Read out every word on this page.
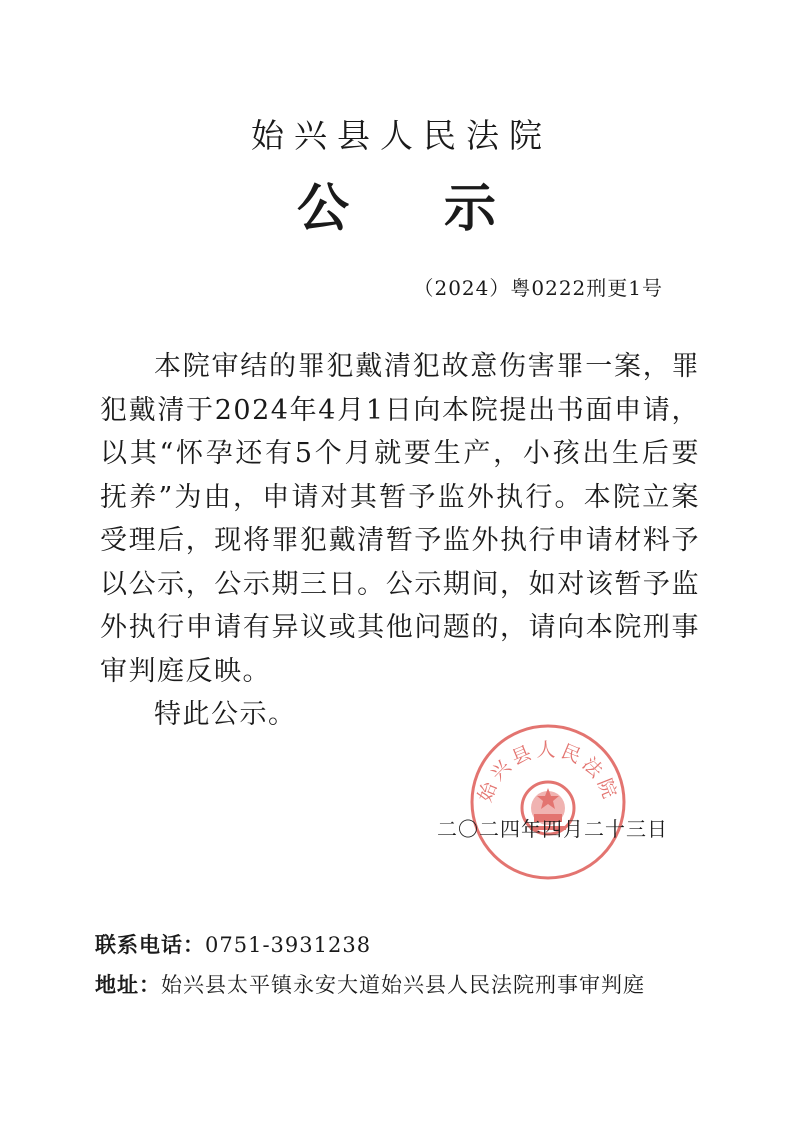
始兴县人民法院
公示
（2024）粤0222刑更1号

本院审结的罪犯戴清犯故意伤害罪一案，罪犯戴清于2024年4月1日向本院提出书面申请，以其“怀孕还有5个月就要生产，小孩出生后要抚养”为由，申请对其暂予监外执行。本院立案受理后，现将罪犯戴清暂予监外执行申请材料予以公示，公示期三日。公示期间，如对该暂予监外执行申请有异议或其他问题的，请向本院刑事审判庭反映。

特此公示。

始兴县人民法院
二〇二四年四月二十三日
联系电话：0751-3931238
地址：始兴县太平镇永安大道始兴县人民法院刑事审判庭
